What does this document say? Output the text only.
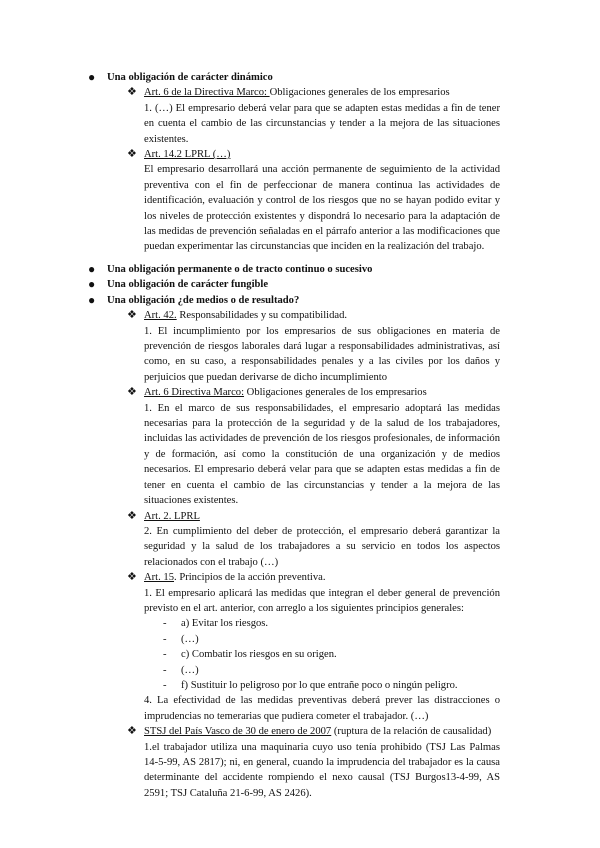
● Una obligación de carácter dinámico
❖ Art. 6 de la Directiva Marco: Obligaciones generales de los empresarios
1. (…) El empresario deberá velar para que se adapten estas medidas a fin de tener en cuenta el cambio de las circunstancias y tender a la mejora de las situaciones existentes.
❖ Art. 14.2 LPRL (…)
El empresario desarrollará una acción permanente de seguimiento de la actividad preventiva con el fin de perfeccionar de manera continua las actividades de identificación, evaluación y control de los riesgos que no se hayan podido evitar y los niveles de protección existentes y dispondrá lo necesario para la adaptación de las medidas de prevención señaladas en el párrafo anterior a las modificaciones que puedan experimentar las circunstancias que inciden en la realización del trabajo.
● Una obligación permanente o de tracto continuo o sucesivo
● Una obligación de carácter fungible
● Una obligación ¿de medios o de resultado?
❖ Art. 42. Responsabilidades y su compatibilidad.
1. El incumplimiento por los empresarios de sus obligaciones en materia de prevención de riesgos laborales dará lugar a responsabilidades administrativas, así como, en su caso, a responsabilidades penales y a las civiles por los daños y perjuicios que puedan derivarse de dicho incumplimiento
❖ Art. 6 Directiva Marco: Obligaciones generales de los empresarios
1. En el marco de sus responsabilidades, el empresario adoptará las medidas necesarias para la protección de la seguridad y de la salud de los trabajadores, incluidas las actividades de prevención de los riesgos profesionales, de información y de formación, así como la constitución de una organización y de medios necesarios. El empresario deberá velar para que se adapten estas medidas a fin de tener en cuenta el cambio de las circunstancias y tender a la mejora de las situaciones existentes.
❖ Art. 2. LPRL
2. En cumplimiento del deber de protección, el empresario deberá garantizar la seguridad y la salud de los trabajadores a su servicio en todos los aspectos relacionados con el trabajo (…)
❖ Art. 15. Principios de la acción preventiva.
1. El empresario aplicará las medidas que integran el deber general de prevención previsto en el art. anterior, con arreglo a los siguientes principios generales:
- a) Evitar los riesgos.
- (…)
- c) Combatir los riesgos en su origen.
- (…)
- f) Sustituir lo peligroso por lo que entrañe poco o ningún peligro.
4. La efectividad de las medidas preventivas deberá prever las distracciones o imprudencias no temerarias que pudiera cometer el trabajador. (…)
❖ STSJ del País Vasco de 30 de enero de 2007 (ruptura de la relación de causalidad)
1.el trabajador utiliza una maquinaria cuyo uso tenía prohibido (TSJ Las Palmas 14-5-99, AS 2817); ni, en general, cuando la imprudencia del trabajador es la causa determinante del accidente rompiendo el nexo causal (TSJ Burgos13-4-99, AS 2591; TSJ Cataluña 21-6-99, AS 2426).
